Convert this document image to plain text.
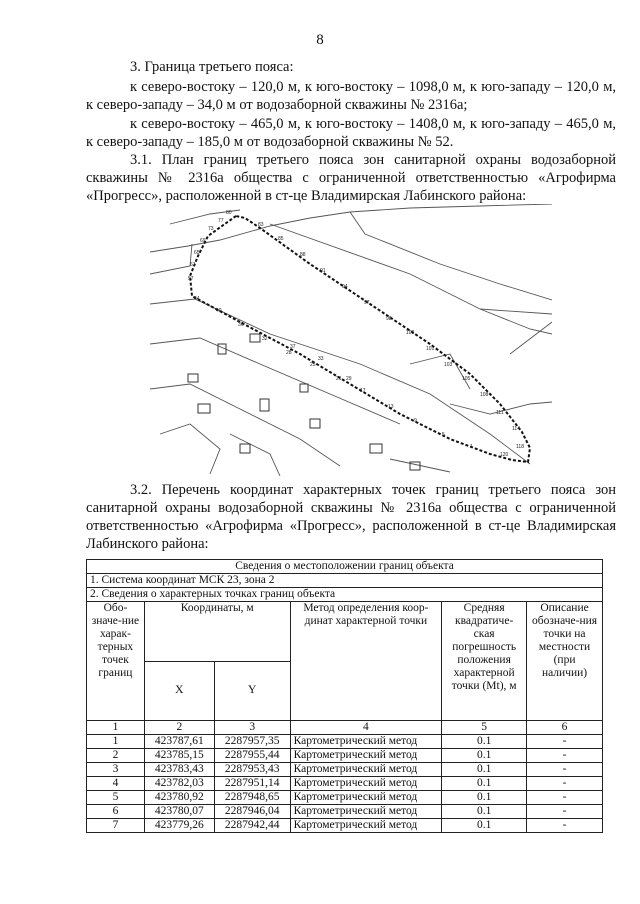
8
3. Граница третьего пояса:
к северо-востоку – 120,0 м, к юго-востоку – 1098,0 м, к юго-западу – 120,0 м, к северо-западу – 34,0 м от водозаборной скважины № 2316а;
к северо-востоку – 465,0 м, к юго-востоку – 1408,0 м, к юго-западу – 465,0 м, к северо-западу – 185,0 м от водозаборной скважины № 52.
3.1. План границ третьего пояса зон санитарной охраны водозаборной скважины № 2316а общества с ограниченной ответственностью «Агрофирма «Прогресс», расположенной в ст-це Владимирская Лабинского района:
80
77
73
69
65
61
57
44
40
36
32
28
25
21
17
13
9
5
1
120
118
114
111
108
105
103
101
100
98
97
94
91
88
85
83
29
33
37
3.2. Перечень координат характерных точек границ третьего пояса зон санитарной охраны водозаборной скважины № 2316а общества с ограниченной ответственностью «Агрофирма «Прогресс», расположенной в ст-це Владимирская Лабинского района:
Сведения о местоположении границ объекта					
1. Система координат МСК 23, зона 2					
2. Сведения о характерных точках границ объекта					
Обо-значе-ние харак-терных точек границ	Координаты, м		Метод определения коор-динат характерной точки	Средняя квадратиче-ская погрешность положения характерной точки (Mt), м	Описание обозначе-ния точки на местности (при наличии)
	X	Y			
1	2	3	4	5	6
1	423787,61	2287957,35	Картометрический метод	0.1	-
2	423785,15	2287955,44	Картометрический метод	0.1	-
3	423783,43	2287953,43	Картометрический метод	0.1	-
4	423782,03	2287951,14	Картометрический метод	0.1	-
5	423780,92	2287948,65	Картометрический метод	0.1	-
6	423780,07	2287946,04	Картометрический метод	0.1	-
7	423779,26	2287942,44	Картометрический метод	0.1	-
